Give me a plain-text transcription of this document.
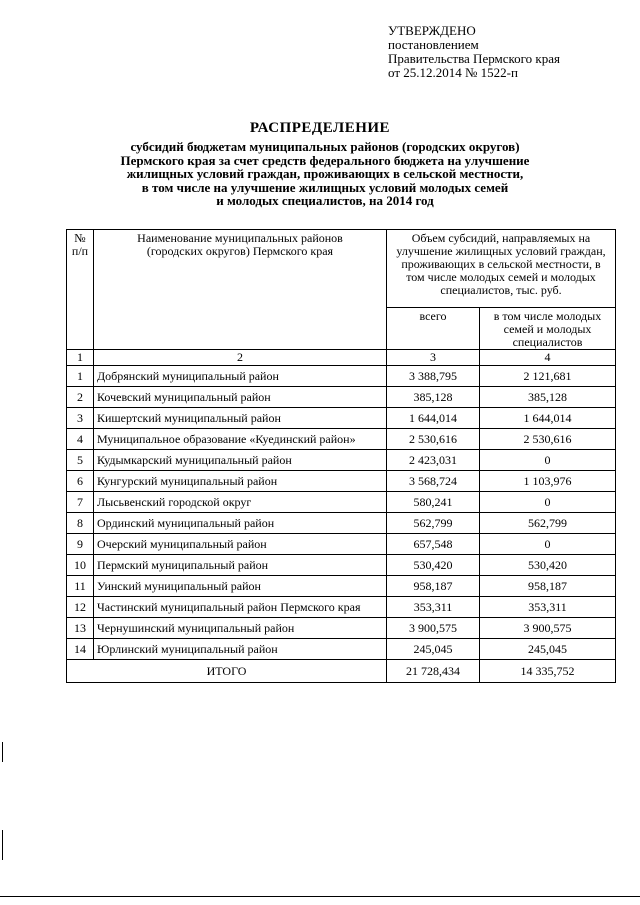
УТВЕРЖДЕНО
постановлением
Правительства Пермского края
от 25.12.2014 № 1522-п
РАСПРЕДЕЛЕНИЕ
субсидий бюджетам муниципальных районов (городских округов)
Пермского края за счет средств федерального бюджета на улучшение
жилищных условий граждан, проживающих в сельской местности,
в том числе на улучшение жилищных условий молодых семей
и молодых специалистов, на 2014 год
№ п/п	Наименование муниципальных районов (городских округов) Пермского края	Объем субсидий, направляемых на улучшение жилищных условий граждан, проживающих в сельской местности, в том числе молодых семей и молодых специалистов, тыс. руб.	
		всего	в том числе молодых семей и молодых специалистов
1	2	3	4
1	Добрянский муниципальный район	3 388,795	2 121,681
2	Кочевский муниципальный район	385,128	385,128
3	Кишертский муниципальный район	1 644,014	1 644,014
4	Муниципальное образование «Куединский район»	2 530,616	2 530,616
5	Кудымкарский муниципальный район	2 423,031	0
6	Кунгурский муниципальный район	3 568,724	1 103,976
7	Лысьвенский городской округ	580,241	0
8	Ординский муниципальный район	562,799	562,799
9	Очерский муниципальный район	657,548	0
10	Пермский муниципальный район	530,420	530,420
11	Уинский муниципальный район	958,187	958,187
12	Частинский муниципальный район Пермского края	353,311	353,311
13	Чернушинский муниципальный район	3 900,575	3 900,575
14	Юрлинский муниципальный район	245,045	245,045
ИТОГО		21 728,434	14 335,752
